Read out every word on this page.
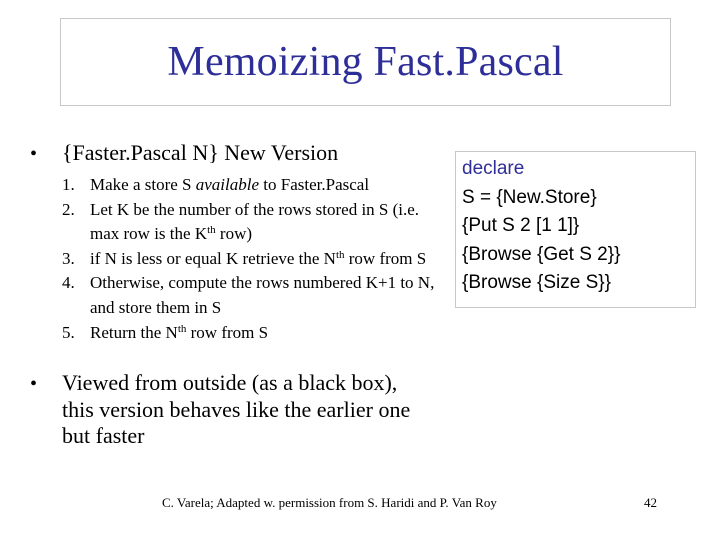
Memoizing Fast.Pascal
• {Faster.Pascal N} New Version
1. Make a store S available to Faster.Pascal
2. Let K be the number of the rows stored in S (i.e. max row is the $K^{th}$ row)
3. if N is less or equal K retrieve the $N^{th}$ row from S
4. Otherwise, compute the rows numbered K+1 to N, and store them in S
5. Return the $N^{th}$ row from S
declare
S = {New.Store}
{Put S 2 [1 1]}
{Browse {Get S 2}}
{Browse {Size S}}
• Viewed from outside (as a black box), this version behaves like the earlier one but faster
C. Varela; Adapted w. permission from S. Haridi and P. Van Roy	42
